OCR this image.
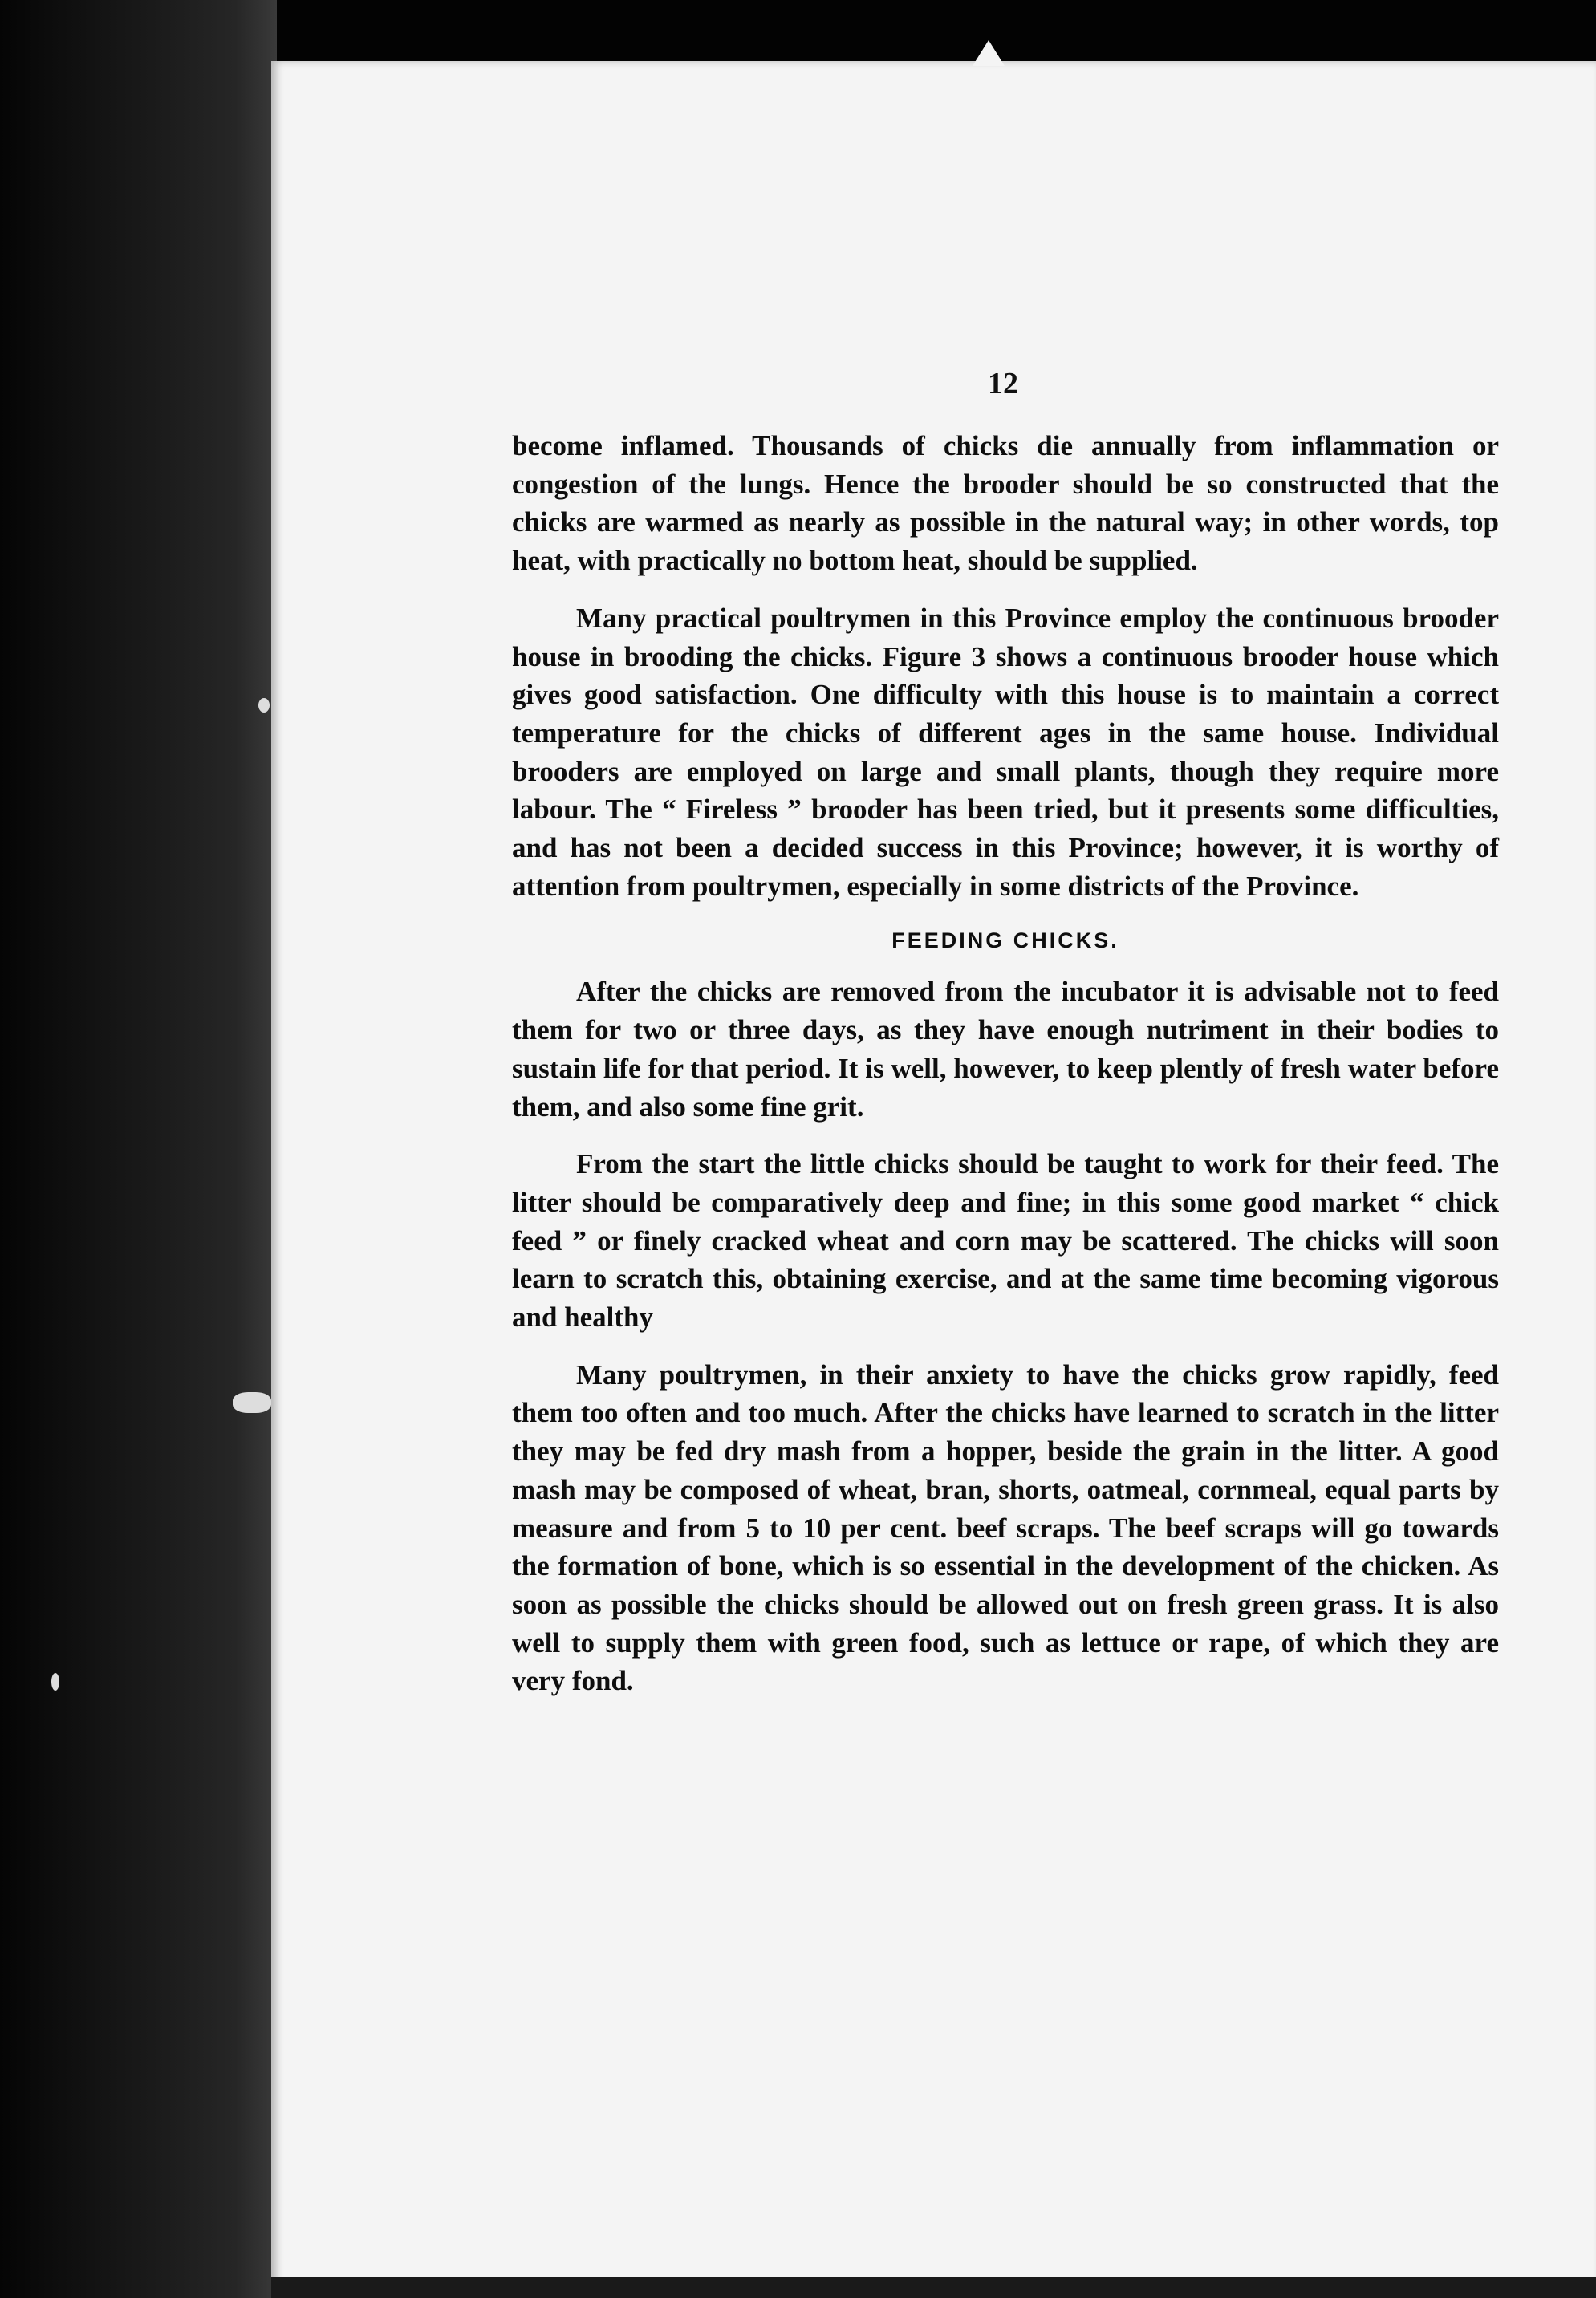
12

become inflamed. Thousands of chicks die annually from inflammation or congestion of the lungs. Hence the brooder should be so constructed that the chicks are warmed as nearly as possible in the natural way; in other words, top heat, with practically no bottom heat, should be supplied.

Many practical poultrymen in this Province employ the continuous brooder house in brooding the chicks. Figure 3 shows a continuous brooder house which gives good satisfaction. One difficulty with this house is to maintain a correct temperature for the chicks of different ages in the same house. Individual brooders are employed on large and small plants, though they require more labour. The “ Fireless ” brooder has been tried, but it presents some difficulties, and has not been a decided success in this Province; however, it is worthy of attention from poultrymen, especially in some districts of the Province.

FEEDING CHICKS.

After the chicks are removed from the incubator it is advisable not to feed them for two or three days, as they have enough nutriment in their bodies to sustain life for that period. It is well, however, to keep plently of fresh water before them, and also some fine grit.

From the start the little chicks should be taught to work for their feed. The litter should be comparatively deep and fine; in this some good market “ chick feed ” or finely cracked wheat and corn may be scattered. The chicks will soon learn to scratch this, obtaining exercise, and at the same time becoming vigorous and healthy

Many poultrymen, in their anxiety to have the chicks grow rapidly, feed them too often and too much. After the chicks have learned to scratch in the litter they may be fed dry mash from a hopper, beside the grain in the litter. A good mash may be composed of wheat, bran, shorts, oatmeal, cornmeal, equal parts by measure and from 5 to 10 per cent. beef scraps. The beef scraps will go towards the formation of bone, which is so essential in the development of the chicken. As soon as possible the chicks should be allowed out on fresh green grass. It is also well to supply them with green food, such as lettuce or rape, of which they are very fond.
